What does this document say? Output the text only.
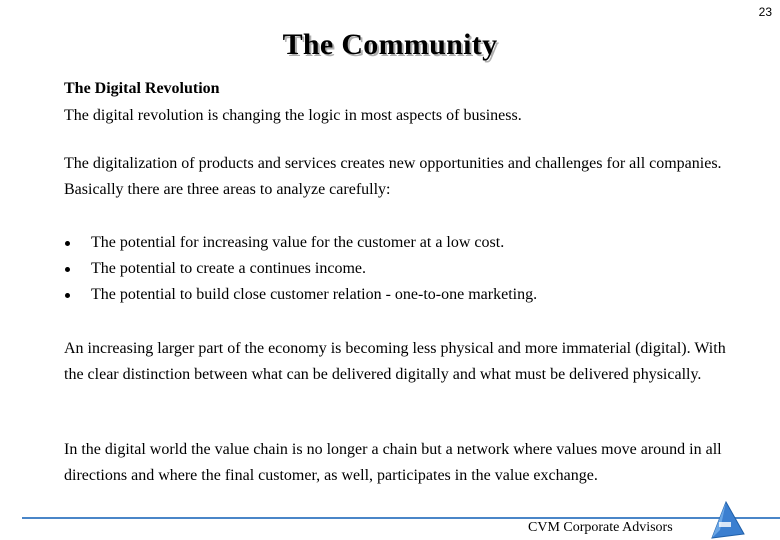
23
The Community
The Digital Revolution
The digital revolution is changing the logic in most aspects of business.
The digitalization of products and services creates new opportunities and challenges for all companies. Basically there are three areas to analyze carefully:
The potential for increasing value for the customer at a low cost.
The potential to create a continues income.
The potential to build close customer relation - one-to-one marketing.
An increasing larger part of the economy is becoming less physical and more immaterial (digital). With the clear distinction between what can be delivered digitally and what must be delivered physically.
In the digital world the value chain is no longer a chain but a network where values move around in all directions and where the final customer, as well, participates in the value exchange.
CVM Corporate Advisors
